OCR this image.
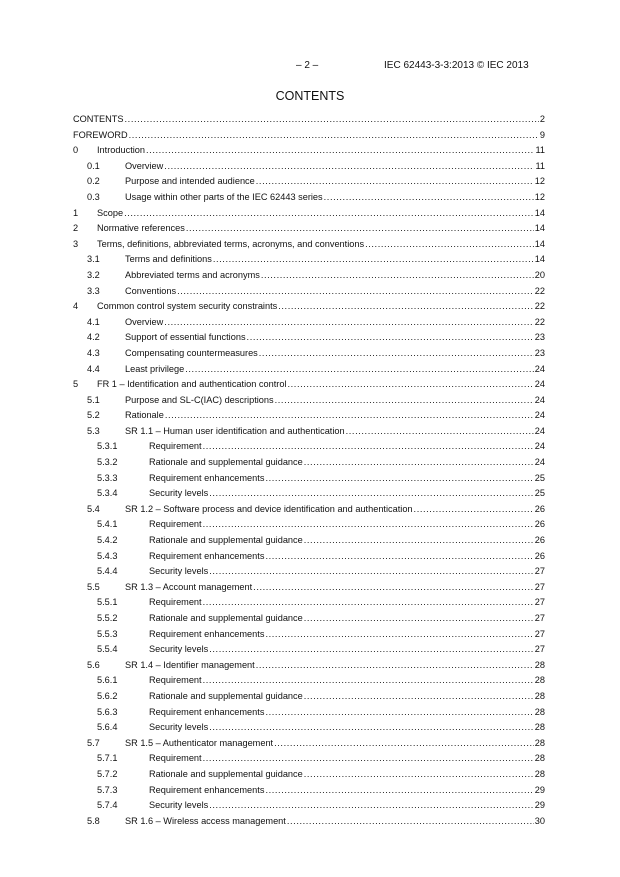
– 2 –	IEC 62443-3-3:2013 © IEC 2013
CONTENTS
CONTENTS .....	2
FOREWORD .....	9
0	Introduction .....	11
0.1	Overview .....	11
0.2	Purpose and intended audience .....	12
0.3	Usage within other parts of the IEC 62443 series .....	12
1	Scope .....	14
2	Normative references .....	14
3	Terms, definitions, abbreviated terms, acronyms, and conventions .....	14
3.1	Terms and definitions .....	14
3.2	Abbreviated terms and acronyms .....	20
3.3	Conventions .....	22
4	Common control system security constraints .....	22
4.1	Overview .....	22
4.2	Support of essential functions .....	23
4.3	Compensating countermeasures .....	23
4.4	Least privilege .....	24
5	FR 1 – Identification and authentication control .....	24
5.1	Purpose and SL-C(IAC) descriptions .....	24
5.2	Rationale .....	24
5.3	SR 1.1 – Human user identification and authentication .....	24
5.3.1	Requirement .....	24
5.3.2	Rationale and supplemental guidance .....	24
5.3.3	Requirement enhancements .....	25
5.3.4	Security levels .....	25
5.4	SR 1.2 – Software process and device identification and authentication .....	26
5.4.1	Requirement .....	26
5.4.2	Rationale and supplemental guidance .....	26
5.4.3	Requirement enhancements .....	26
5.4.4	Security levels .....	27
5.5	SR 1.3 – Account management .....	27
5.5.1	Requirement .....	27
5.5.2	Rationale and supplemental guidance .....	27
5.5.3	Requirement enhancements .....	27
5.5.4	Security levels .....	27
5.6	SR 1.4 – Identifier management .....	28
5.6.1	Requirement .....	28
5.6.2	Rationale and supplemental guidance .....	28
5.6.3	Requirement enhancements .....	28
5.6.4	Security levels .....	28
5.7	SR 1.5 – Authenticator management .....	28
5.7.1	Requirement .....	28
5.7.2	Rationale and supplemental guidance .....	28
5.7.3	Requirement enhancements .....	29
5.7.4	Security levels .....	29
5.8	SR 1.6 – Wireless access management .....	30
